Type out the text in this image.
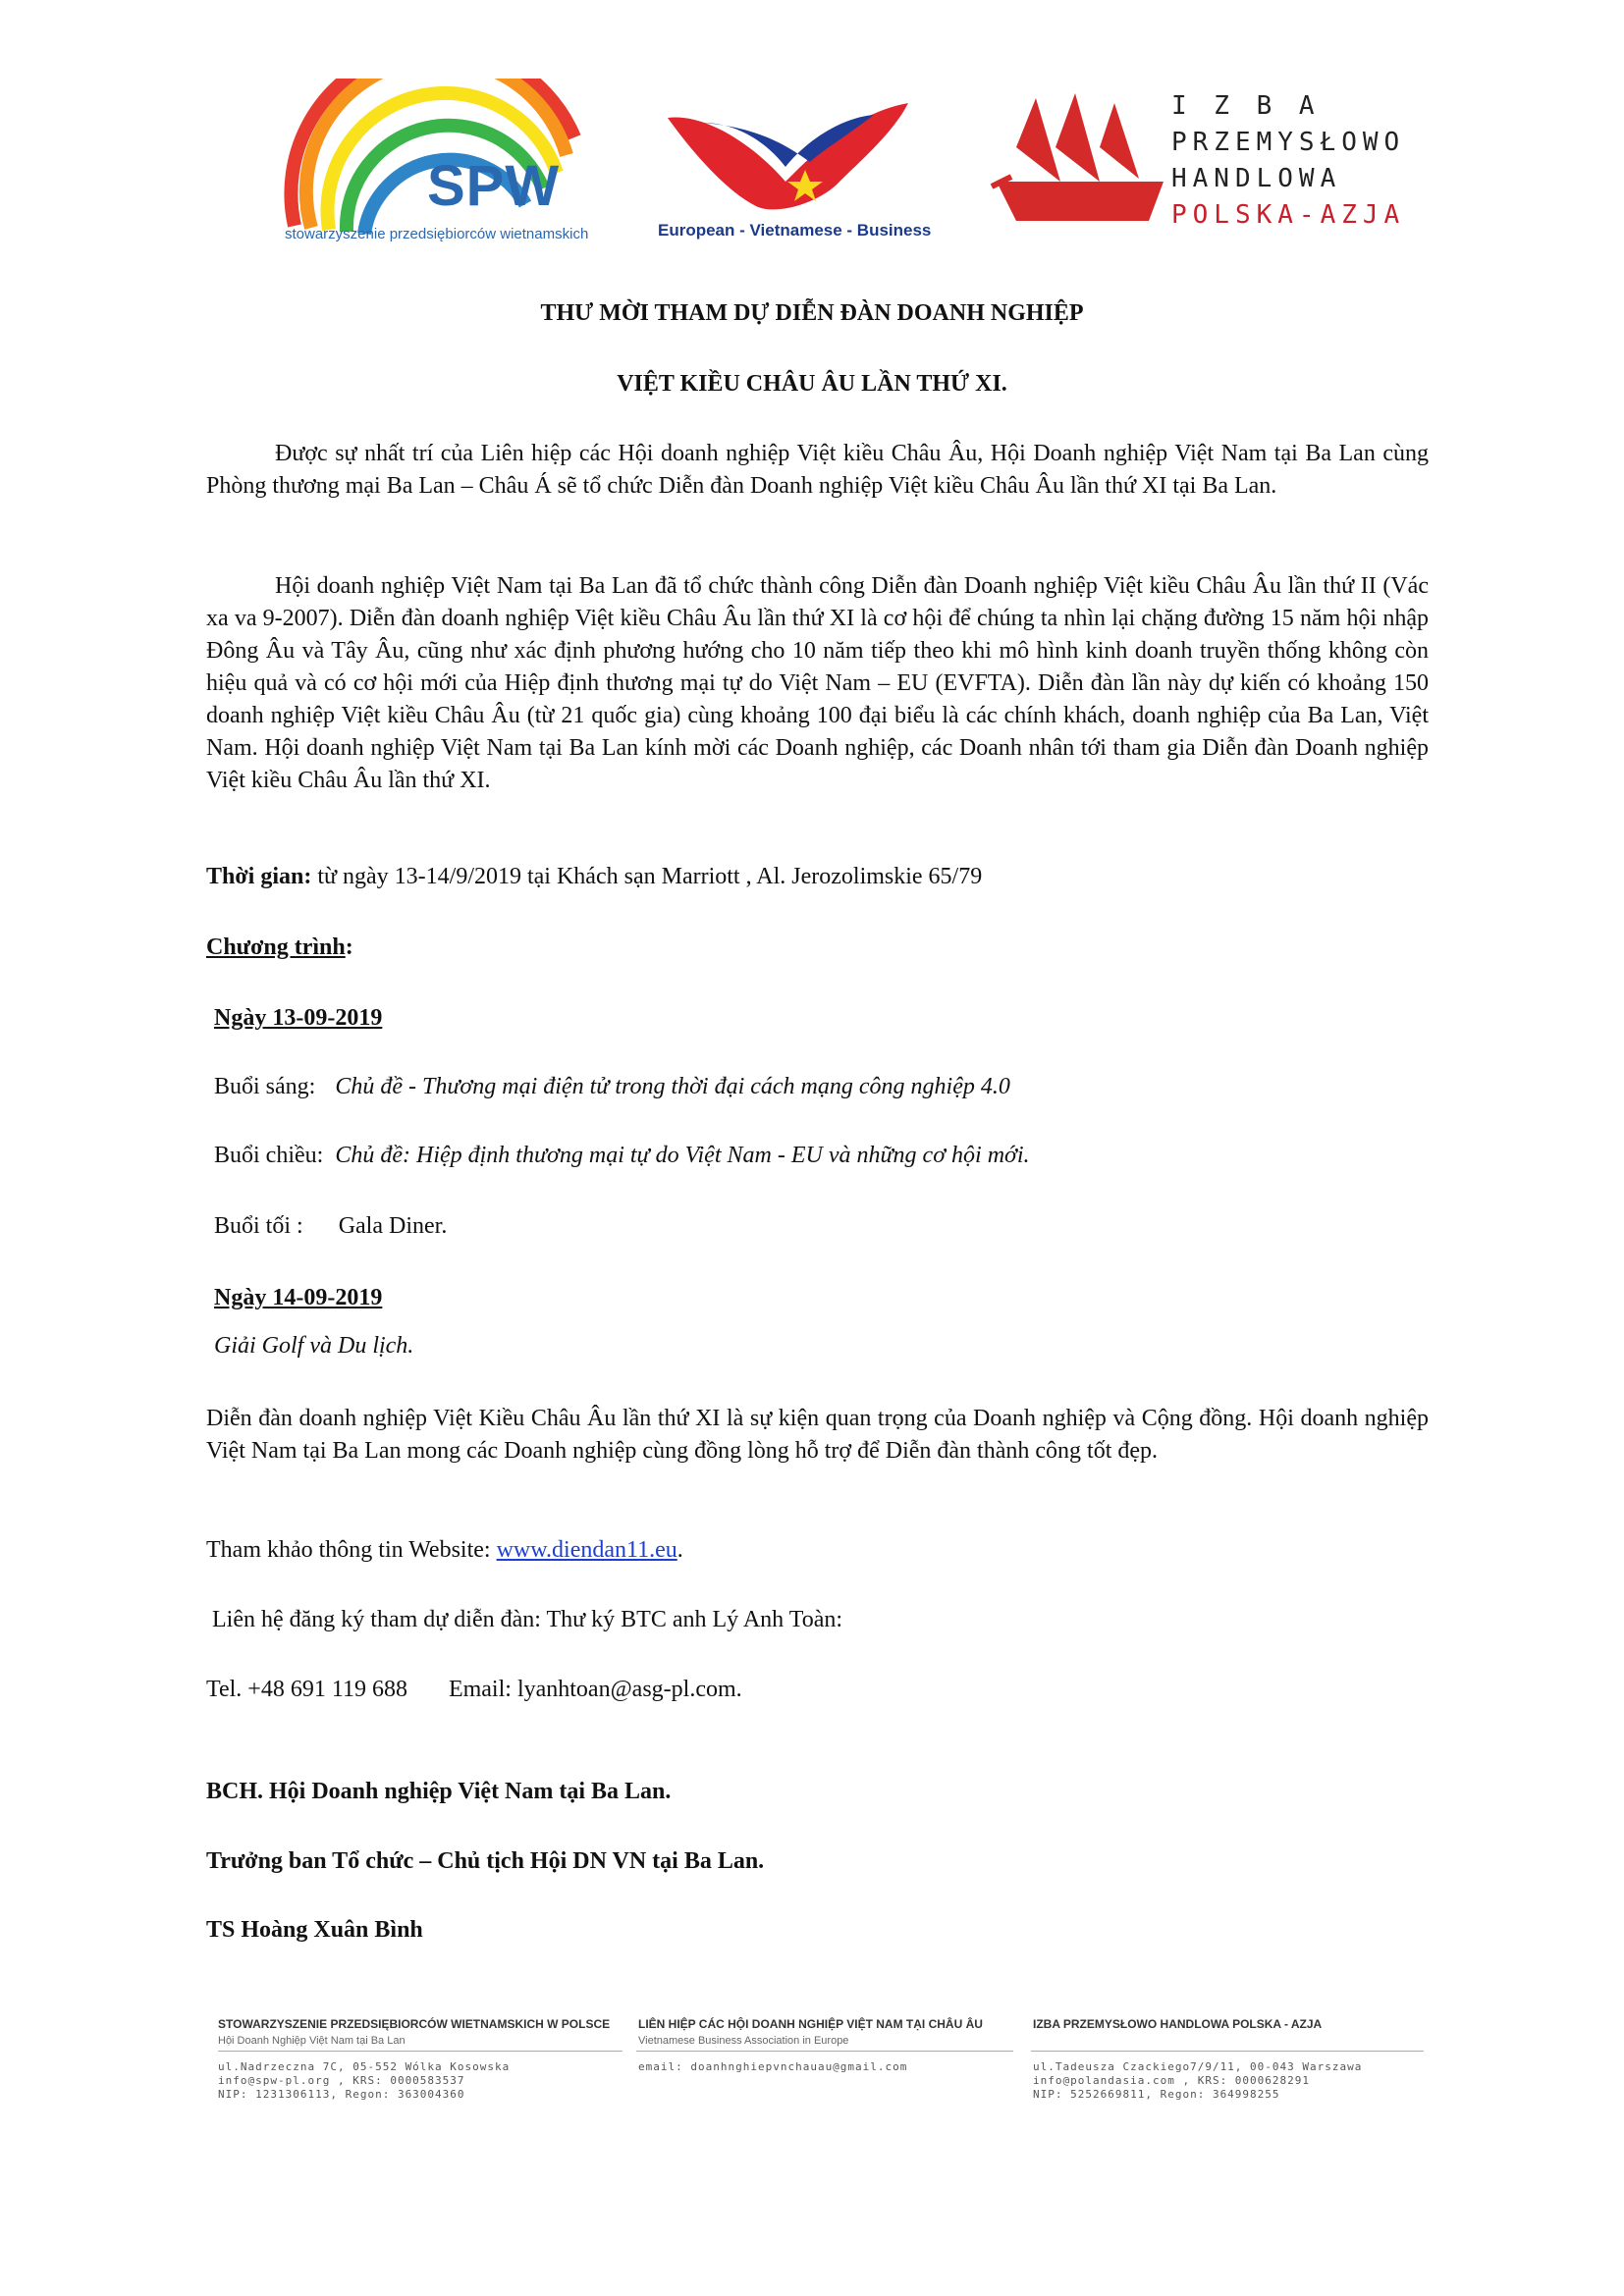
SPW
stowarzyszenie przedsiębiorców wietnamskich	European - Vietnamese - Business
I Z B A
PRZEMYSŁOWO
HANDLOWA
POLSKA-AZJA
THƯ MỜI THAM DỰ DIỄN ĐÀN DOANH NGHIỆP
VIỆT KIỀU CHÂU ÂU LẦN THỨ XI.
Được sự nhất trí của Liên hiệp các Hội doanh nghiệp Việt kiều Châu Âu, Hội Doanh nghiệp Việt Nam tại Ba Lan cùng Phòng thương mại Ba Lan – Châu Á sẽ tổ chức Diễn đàn Doanh nghiệp Việt kiều Châu Âu lần thứ XI tại Ba Lan.
Hội doanh nghiệp Việt Nam tại Ba Lan đã tổ chức thành công Diễn đàn Doanh nghiệp Việt kiều Châu Âu lần thứ II (Vác xa va 9-2007). Diễn đàn doanh nghiệp Việt kiều Châu Âu lần thứ XI là cơ hội để chúng ta nhìn lại chặng đường 15 năm hội nhập Đông Âu và Tây Âu, cũng như xác định phương hướng cho 10 năm tiếp theo khi mô hình kinh doanh truyền thống không còn hiệu quả và có cơ hội mới của Hiệp định thương mại tự do Việt Nam – EU (EVFTA). Diễn đàn lần này dự kiến có khoảng 150 doanh nghiệp Việt kiều Châu Âu (từ 21 quốc gia) cùng khoảng 100 đại biểu là các chính khách, doanh nghiệp của Ba Lan, Việt Nam. Hội doanh nghiệp Việt Nam tại Ba Lan kính mời các Doanh nghiệp, các Doanh nhân tới tham gia Diễn đàn Doanh nghiệp Việt kiều Châu Âu lần thứ XI.
Thời gian: từ ngày 13-14/9/2019 tại Khách sạn Marriott , Al. Jerozolimskie 65/79
Chương trình:
Ngày 13-09-2019
Buổi sáng: Chủ đề - Thương mại điện tử trong thời đại cách mạng công nghiệp 4.0
Buổi chiều: Chủ đề: Hiệp định thương mại tự do Việt Nam - EU và những cơ hội mới.
Buổi tối : Gala Diner.
Ngày 14-09-2019
Giải Golf và Du lịch.
Diễn đàn doanh nghiệp Việt Kiều Châu Âu lần thứ XI là sự kiện quan trọng của Doanh nghiệp và Cộng đồng. Hội doanh nghiệp Việt Nam tại Ba Lan mong các Doanh nghiệp cùng đồng lòng hỗ trợ để Diễn đàn thành công tốt đẹp.
Tham khảo thông tin Website: www.diendan11.eu.
Liên hệ đăng ký tham dự diễn đàn: Thư ký BTC anh Lý Anh Toàn:
Tel. +48 691 119 688 Email: lyanhtoan@asg-pl.com.
BCH. Hội Doanh nghiệp Việt Nam tại Ba Lan.
Trưởng ban Tổ chức – Chủ tịch Hội DN VN tại Ba Lan.
TS Hoàng Xuân Bình
STOWARZYSZENIE PRZEDSIĘBIORCÓW WIETNAMSKICH W POLSCE
Hội Doanh Nghiệp Việt Nam tại Ba Lan
ul.Nadrzeczna 7C, 05-552 Wólka Kosowska
info@spw-pl.org , KRS: 0000583537
NIP: 1231306113, Regon: 363004360
LIÊN HIỆP CÁC HỘI DOANH NGHIỆP VIỆT NAM TẠI CHÂU ÂU
Vietnamese Business Association in Europe
email: doanhnghiepvnchauau@gmail.com
IZBA PRZEMYSŁOWO HANDLOWA POLSKA - AZJA

ul.Tadeusza Czackiego7/9/11, 00-043 Warszawa
info@polandasia.com , KRS: 0000628291
NIP: 5252669811, Regon: 364998255
